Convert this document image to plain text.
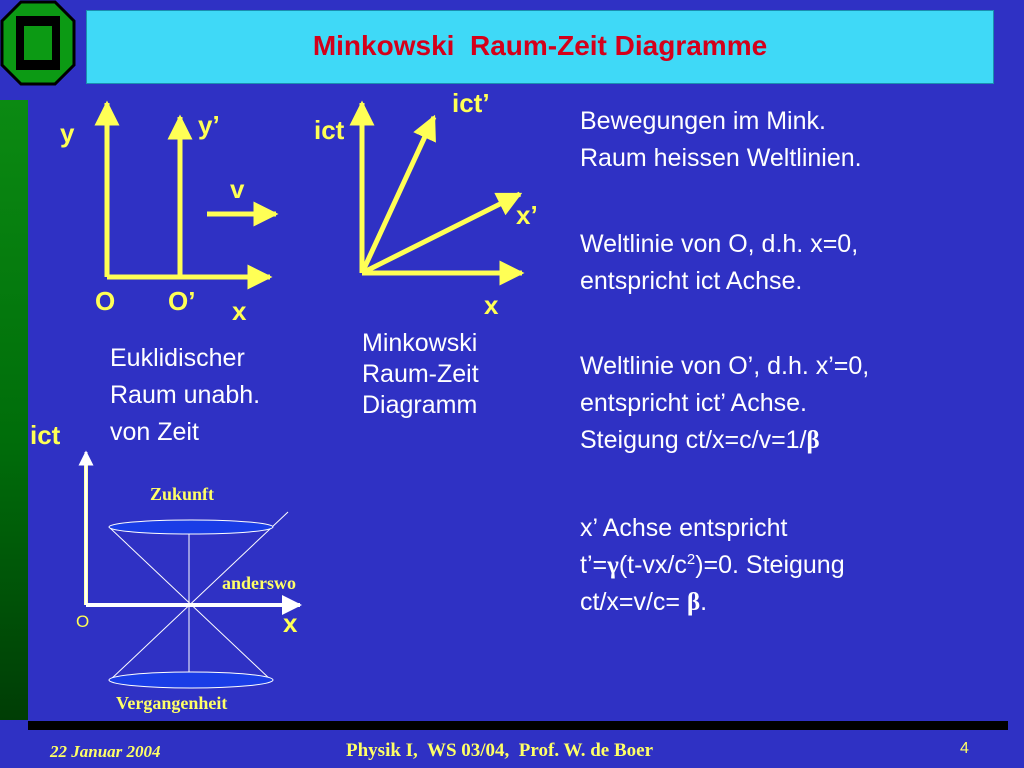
Minkowski  Raum-Zeit Diagramme
y	y’
v
O O’ x
Euklidischer
Raum unabh.
von Zeit
ict
ict’
x’
x
Minkowski
Raum-Zeit
Diagramm
ict
O	x
Zukunft
anderswo
Vergangenheit
Bewegungen im Mink.
Raum heissen Weltlinien.
Weltlinie von O, d.h. x=0,
entspricht ict Achse.
Weltlinie von O’, d.h. x’=0,
entspricht ict’ Achse.
Steigung ct/x=c/v=1/β
x’ Achse entspricht
$t’=\gamma(t-vx/c^2)=0$. Steigung
ct/x=v/c= β.
22 Januar 2004	Physik I,  WS 03/04,  Prof. W. de Boer	4
